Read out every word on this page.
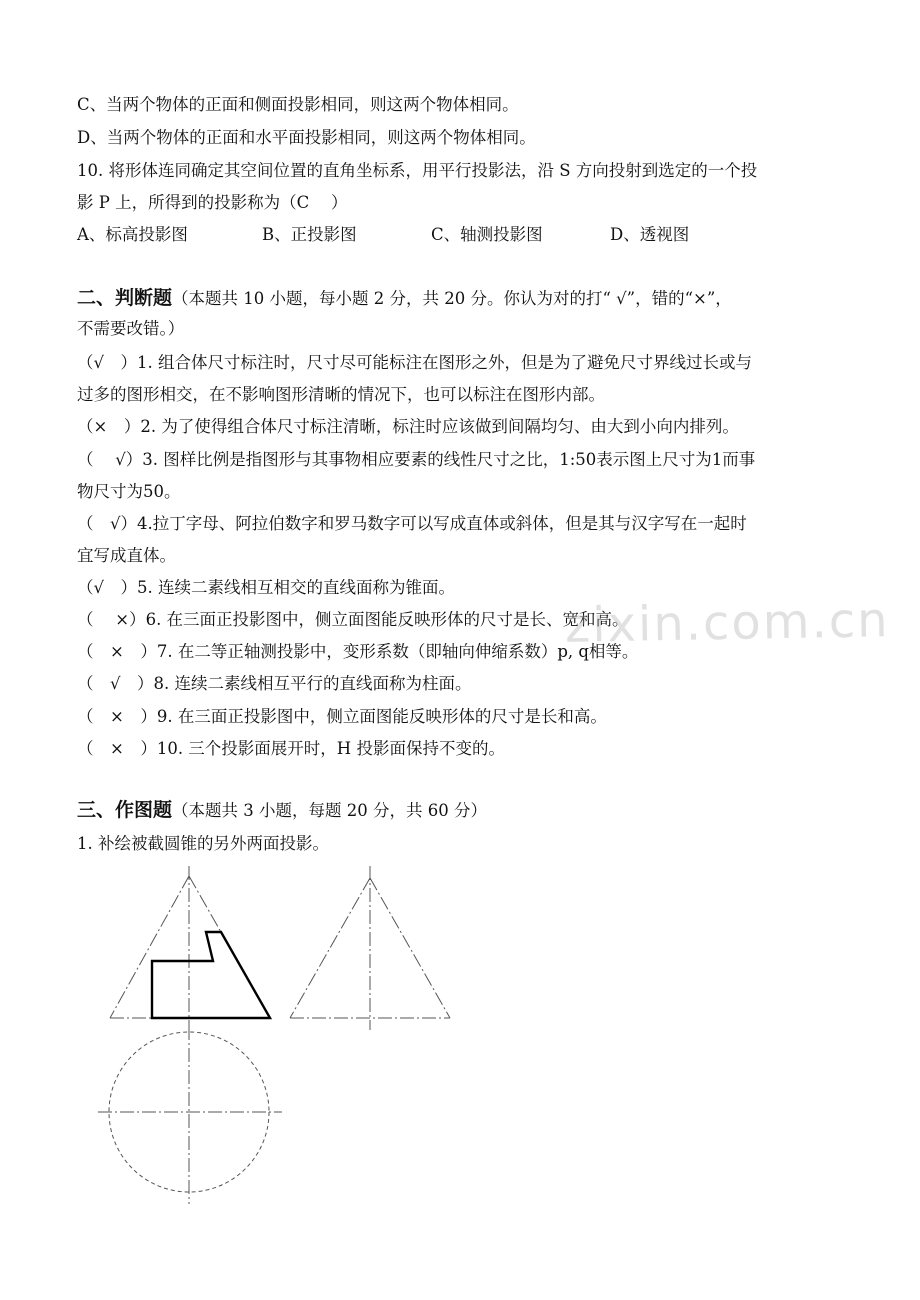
C、当两个物体的正面和侧面投影相同，则这两个物体相同。
D、当两个物体的正面和水平面投影相同，则这两个物体相同。
10. 将形体连同确定其空间位置的直角坐标系，用平行投影法，沿 S 方向投射到选定的一个投
影 P 上，所得到的投影称为（C　 ）
A、标高投影图	B、正投影图	C、轴测投影图	D、透视图
二、判断题（本题共 10 小题，每小题 2 分，共 20 分。你认为对的打“ √”，错的“×”，
不需要改错。）
（√　）1. 组合体尺寸标注时，尺寸尽可能标注在图形之外，但是为了避免尺寸界线过长或与
过多的图形相交，在不影响图形清晰的情况下，也可以标注在图形内部。
（×　）2. 为了使得组合体尺寸标注清晰，标注时应该做到间隔均匀、由大到小向内排列。
（　 √）3. 图样比例是指图形与其事物相应要素的线性尺寸之比，1:50表示图上尺寸为1而事
物尺寸为50。
（　√）4.拉丁字母、阿拉伯数字和罗马数字可以写成直体或斜体，但是其与汉字写在一起时
宜写成直体。
（√　）5. 连续二素线相互相交的直线面称为锥面。
（　 ×）6. 在三面正投影图中，侧立面图能反映形体的尺寸是长、宽和高。
（　×　）7. 在二等正轴测投影中，变形系数（即轴向伸缩系数）p, q相等。
（　√　）8. 连续二素线相互平行的直线面称为柱面。
（　×　）9. 在三面正投影图中，侧立面图能反映形体的尺寸是长和高。
（　×　）10. 三个投影面展开时，H 投影面保持不变的。
三、作图题（本题共 3 小题，每题 20 分，共 60 分）
1. 补绘被截圆锥的另外两面投影。
zixin.com.cn
